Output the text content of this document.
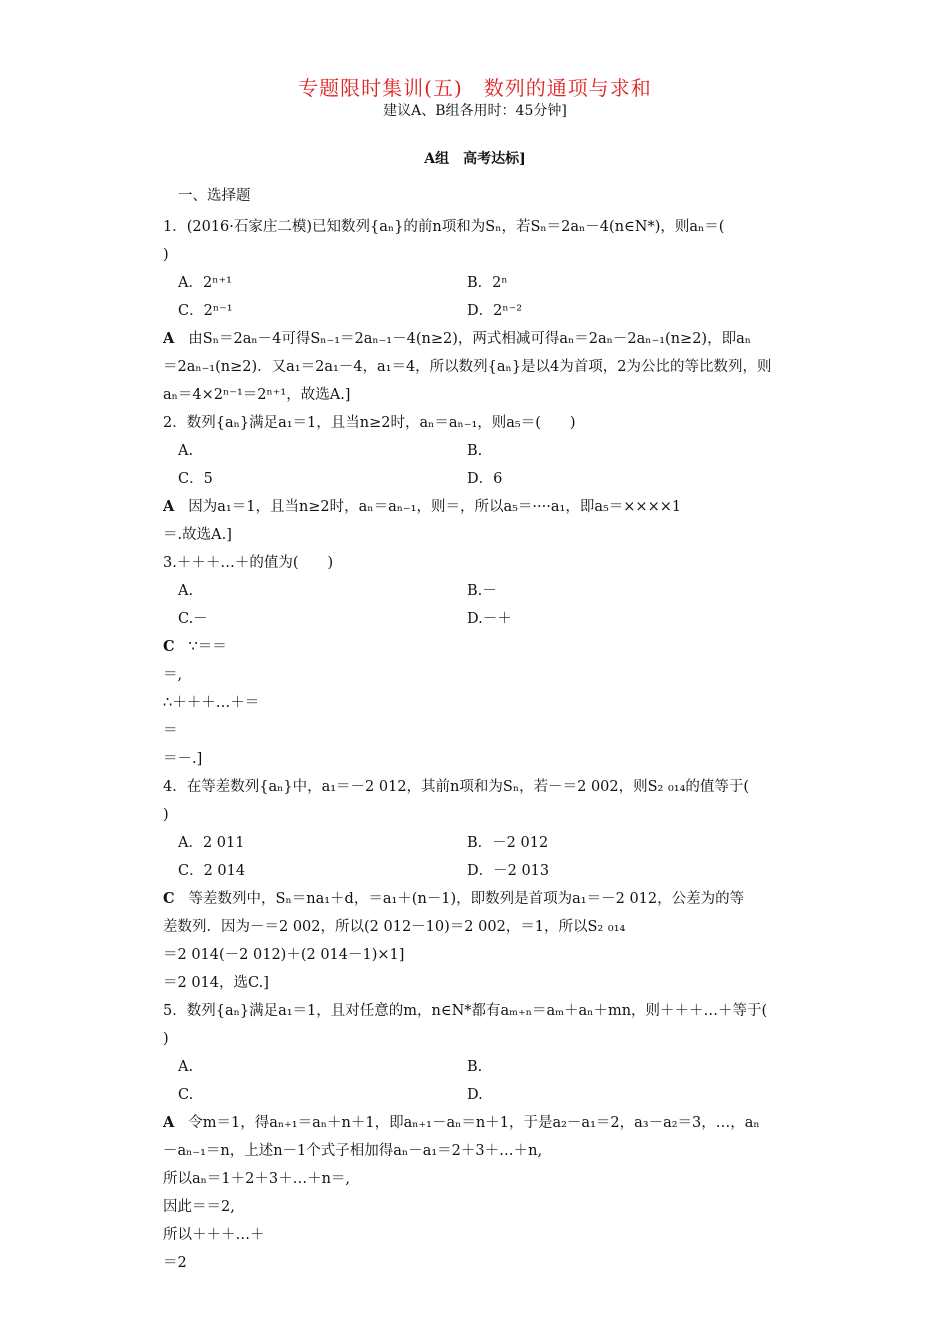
专题限时集训(五)　数列的通项与求和
建议A、B组各用时：45分钟]
A组　高考达标]
一、选择题
1．(2016·石家庄二模)已知数列{aₙ}的前n项和为Sₙ，若Sₙ＝2aₙ－4(n∈N*)，则aₙ＝(
)
A．2ⁿ⁺¹	B．2ⁿ
C．2ⁿ⁻¹	D．2ⁿ⁻²
A 由Sₙ＝2aₙ－4可得Sₙ₋₁＝2aₙ₋₁－4(n≥2)，两式相减可得aₙ＝2aₙ－2aₙ₋₁(n≥2)，即aₙ
＝2aₙ₋₁(n≥2)．又a₁＝2a₁－4，a₁＝4，所以数列{aₙ}是以4为首项，2为公比的等比数列，则
aₙ＝4×2ⁿ⁻¹＝2ⁿ⁺¹，故选A.]
2．数列{aₙ}满足a₁＝1，且当n≥2时，aₙ＝aₙ₋₁，则a₅＝(　　)
A.	B.
C．5	D．6
A 因为a₁＝1，且当n≥2时，aₙ＝aₙ₋₁，则＝，所以a₅＝····a₁，即a₅＝××××1
＝.故选A.]
3.＋＋＋…＋的值为(　　)
A.	B.－
C.－	D.－＋
C ∵＝＝
＝,
∴＋＋＋…＋＝
＝
＝－.]
4．在等差数列{aₙ}中，a₁＝－2 012，其前n项和为Sₙ，若－＝2 002，则S₂ ₀₁₄的值等于(
)
A．2 011	B．－2 012
C．2 014	D．－2 013
C 等差数列中，Sₙ＝na₁＋d，＝a₁＋(n－1)，即数列是首项为a₁＝－2 012，公差为的等
差数列．因为－＝2 002，所以(2 012－10)＝2 002，＝1，所以S₂ ₀₁₄
＝2 014(－2 012)＋(2 014－1)×1]
＝2 014，选C.]
5．数列{aₙ}满足a₁＝1，且对任意的m，n∈N*都有aₘ₊ₙ＝aₘ＋aₙ＋mn，则＋＋＋…＋等于(
)
A.	B.
C.	D.
A 令m＝1，得aₙ₊₁＝aₙ＋n＋1，即aₙ₊₁－aₙ＝n＋1，于是a₂－a₁＝2，a₃－a₂＝3，…，aₙ
－aₙ₋₁＝n，上述n－1个式子相加得aₙ－a₁＝2＋3＋…＋n,
所以aₙ＝1＋2＋3＋…＋n＝,
因此＝＝2,
所以＋＋＋…＋
＝2
